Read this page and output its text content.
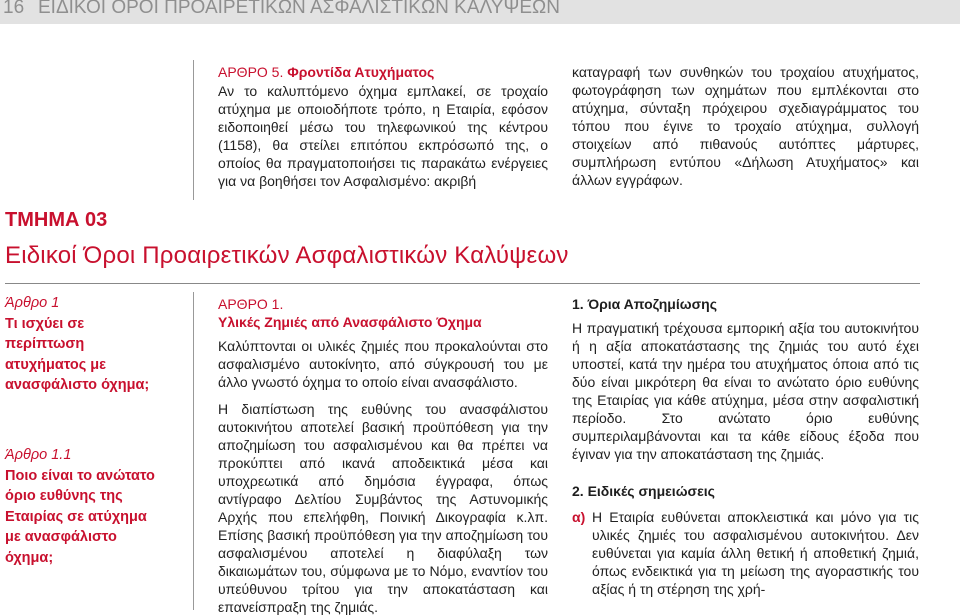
16 ΕΙΔΙΚΟΙ ΟΡΟΙ ΠΡΟΑΙΡΕΤΙΚΩΝ ΑΣΦΑΛΙΣΤΙΚΩΝ ΚΑΛΥΨΕΩΝ
ΑΡΘΡΟ 5. Φροντίδα Ατυχήματος

Αν το καλυπτόμενο όχημα εμπλακεί, σε τροχαίο ατύχημα με οποιοδήποτε τρόπο, η Εταιρία, εφόσον ειδοποιηθεί μέσω του τηλεφωνικού της κέντρου (1158), θα στείλει επιτόπου εκπρόσωπό της, ο οποίος θα πραγματοποιήσει τις παρακάτω ενέργειες για να βοηθήσει τον Ασφαλισμένο: ακριβή

καταγραφή των συνθηκών του τροχαίου ατυχήματος, φωτογράφηση των οχημάτων που εμπλέκονται στο ατύχημα, σύνταξη πρόχειρου σχεδιαγράμματος του τόπου που έγινε το τροχαίο ατύχημα, συλλογή στοιχείων από πιθανούς αυτόπτες μάρτυρες, συμπλήρωση εντύπου «Δήλωση Ατυχήματος» και άλλων εγγράφων.

ΤΜΗΜΑ 03
Ειδικοί Όροι Προαιρετικών Ασφαλιστικών Καλύψεων
Άρθρο 1
Τι ισχύει σε περίπτωση ατυχήματος με ανασφάλιστο όχημα;
Άρθρο 1.1
Ποιο είναι το ανώτατο όριο ευθύνης της Εταιρίας σε ατύχημα με ανασφάλιστο όχημα;
ΑΡΘΡΟ 1.
Υλικές Ζημιές από Ανασφάλιστο Όχημα

Καλύπτονται οι υλικές ζημιές που προκαλούνται στο ασφαλισμένο αυτοκίνητο, από σύγκρουσή του με άλλο γνωστό όχημα το οποίο είναι ανασφάλιστο.

Η διαπίστωση της ευθύνης του ανασφάλιστου αυτοκινήτου αποτελεί βασική προϋπόθεση για την αποζημίωση του ασφαλισμένου και θα πρέπει να προκύπτει από ικανά αποδεικτικά μέσα και υποχρεωτικά από δημόσια έγγραφα, όπως αντίγραφο Δελτίου Συμβάντος της Αστυνομικής Αρχής που επελήφθη, Ποινική Δικογραφία κ.λπ. Επίσης βασική προϋπόθεση για την αποζημίωση του ασφαλισμένου αποτελεί η διαφύλαξη των δικαιωμάτων του, σύμφωνα με το Νόμο, εναντίον του υπεύθυνου τρίτου για την αποκατάσταση και επανείσπραξη της ζημιάς.

1. Όρια Αποζημίωσης

Η πραγματική τρέχουσα εμπορική αξία του αυτοκινήτου ή η αξία αποκατάστασης της ζημιάς του αυτό έχει υποστεί, κατά την ημέρα του ατυχήματος όποια από τις δύο είναι μικρότερη θα είναι το ανώτατο όριο ευθύνης της Εταιρίας για κάθε ατύχημα, μέσα στην ασφαλιστική περίοδο. Στο ανώτατο όριο ευθύνης συμπεριλαμβάνονται και τα κάθε είδους έξοδα που έγιναν για την αποκατάσταση της ζημιάς.

2. Ειδικές σημειώσεις
α) Η Εταιρία ευθύνεται αποκλειστικά και μόνο για τις υλικές ζημιές του ασφαλισμένου αυτοκινήτου. Δεν ευθύνεται για καμία άλλη θετική ή αποθετική ζημιά, όπως ενδεικτικά για τη μείωση της αγοραστικής του αξίας ή τη στέρηση της χρή-
